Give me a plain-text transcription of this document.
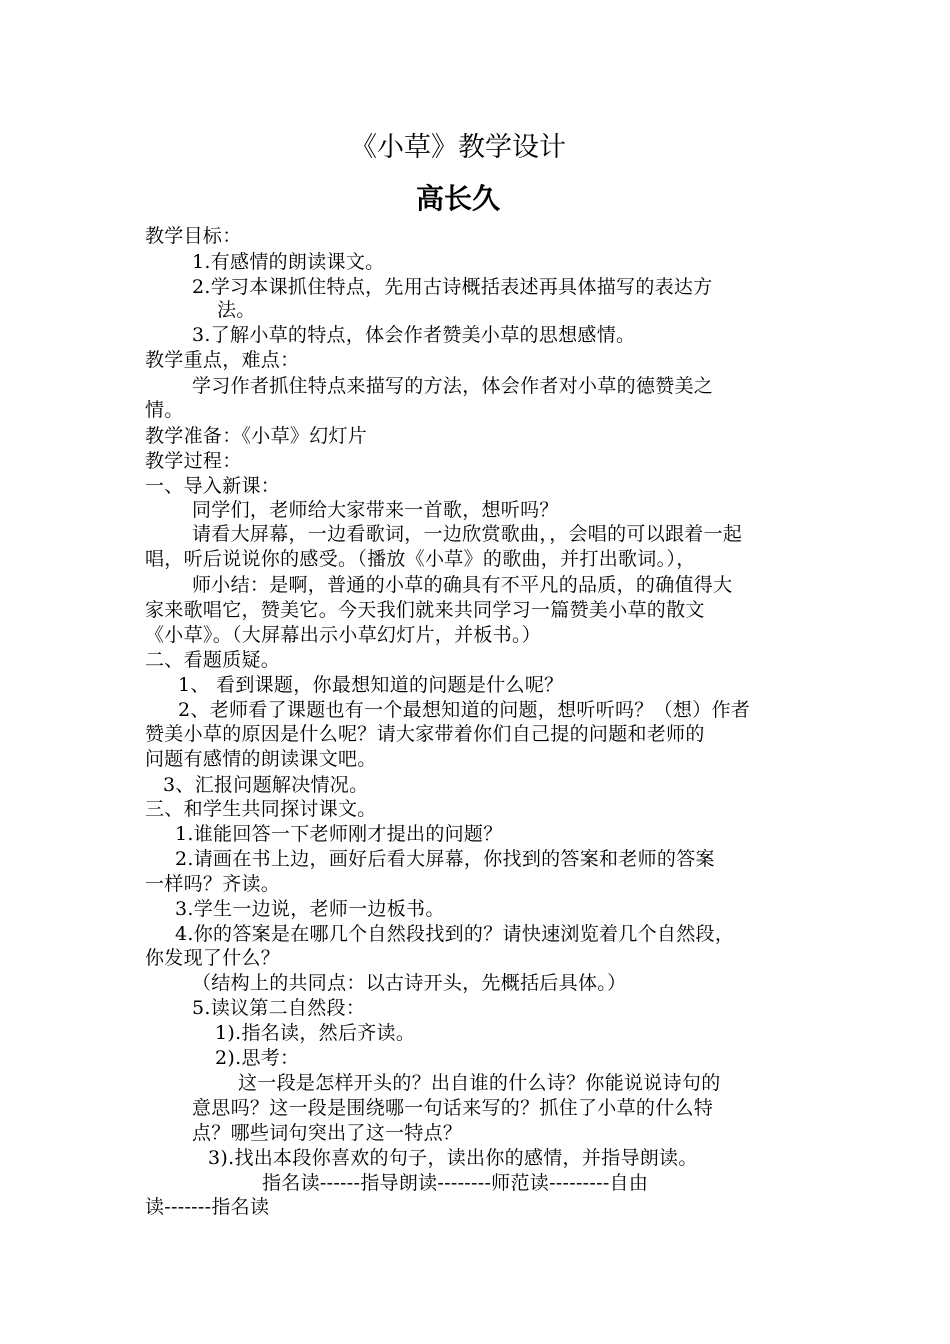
《小草》教学设计
高长久
教学目标：
1.有感情的朗读课文。
2.学习本课抓住特点，先用古诗概括表述再具体描写的表达方
法。
3.了解小草的特点，体会作者赞美小草的思想感情。
教学重点，难点：
学习作者抓住特点来描写的方法，体会作者对小草的德赞美之
情。
教学准备：《小草》幻灯片
教学过程：
一、导入新课：
同学们，老师给大家带来一首歌，想听吗？
请看大屏幕，一边看歌词，一边欣赏歌曲，，会唱的可以跟着一起
唱，听后说说你的感受。（播放《小草》的歌曲，并打出歌词。），
师小结：是啊，普通的小草的确具有不平凡的品质，的确值得大
家来歌唱它，赞美它。今天我们就来共同学习一篇赞美小草的散文
《小草》。（大屏幕出示小草幻灯片，并板书。）
二、看题质疑。
1、 看到课题，你最想知道的问题是什么呢？
2、老师看了课题也有一个最想知道的问题，想听听吗？（想）作者
赞美小草的原因是什么呢？请大家带着你们自己提的问题和老师的
问题有感情的朗读课文吧。
3、汇报问题解决情况。
三、和学生共同探讨课文。
1.谁能回答一下老师刚才提出的问题？
2.请画在书上边，画好后看大屏幕，你找到的答案和老师的答案
一样吗？齐读。
3.学生一边说，老师一边板书。
4.你的答案是在哪几个自然段找到的？请快速浏览着几个自然段，
你发现了什么？
（结构上的共同点：以古诗开头，先概括后具体。）
5.读议第二自然段：
1).指名读，然后齐读。
2).思考：
这一段是怎样开头的？出自谁的什么诗？你能说说诗句的
意思吗？这一段是围绕哪一句话来写的？抓住了小草的什么特
点？哪些词句突出了这一特点？
3).找出本段你喜欢的句子，读出你的感情，并指导朗读。
指名读------指导朗读--------师范读---------自由
读-------指名读
